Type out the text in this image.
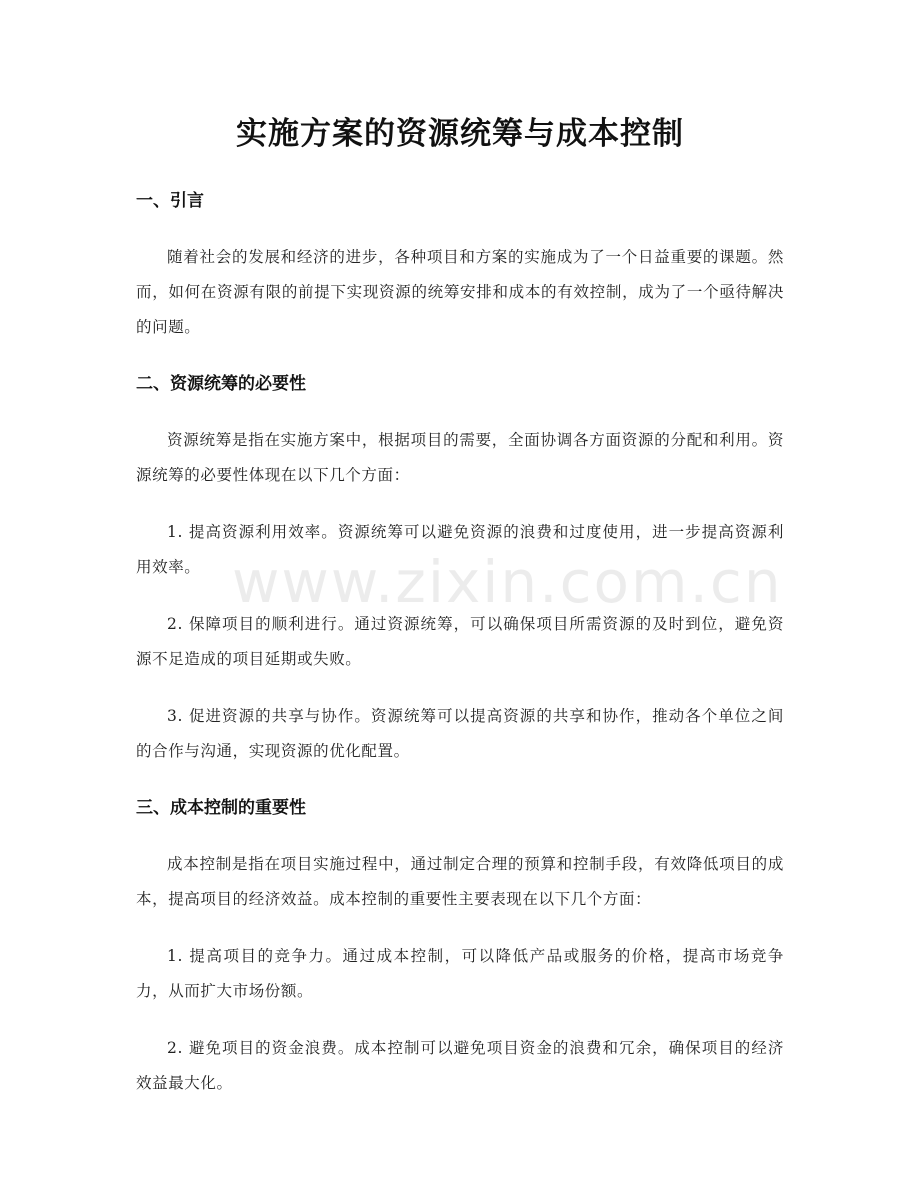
www.zixin.com.cn
实施方案的资源统筹与成本控制
一、引言

随着社会的发展和经济的进步，各种项目和方案的实施成为了一个日益重要的课题。然而，如何在资源有限的前提下实现资源的统筹安排和成本的有效控制，成为了一个亟待解决的问题。

二、资源统筹的必要性

资源统筹是指在实施方案中，根据项目的需要，全面协调各方面资源的分配和利用。资源统筹的必要性体现在以下几个方面：

1. 提高资源利用效率。资源统筹可以避免资源的浪费和过度使用，进一步提高资源利用效率。

2. 保障项目的顺利进行。通过资源统筹，可以确保项目所需资源的及时到位，避免资源不足造成的项目延期或失败。

3. 促进资源的共享与协作。资源统筹可以提高资源的共享和协作，推动各个单位之间的合作与沟通，实现资源的优化配置。

三、成本控制的重要性

成本控制是指在项目实施过程中，通过制定合理的预算和控制手段，有效降低项目的成本，提高项目的经济效益。成本控制的重要性主要表现在以下几个方面：

1. 提高项目的竞争力。通过成本控制，可以降低产品或服务的价格，提高市场竞争力，从而扩大市场份额。

2. 避免项目的资金浪费。成本控制可以避免项目资金的浪费和冗余，确保项目的经济效益最大化。
